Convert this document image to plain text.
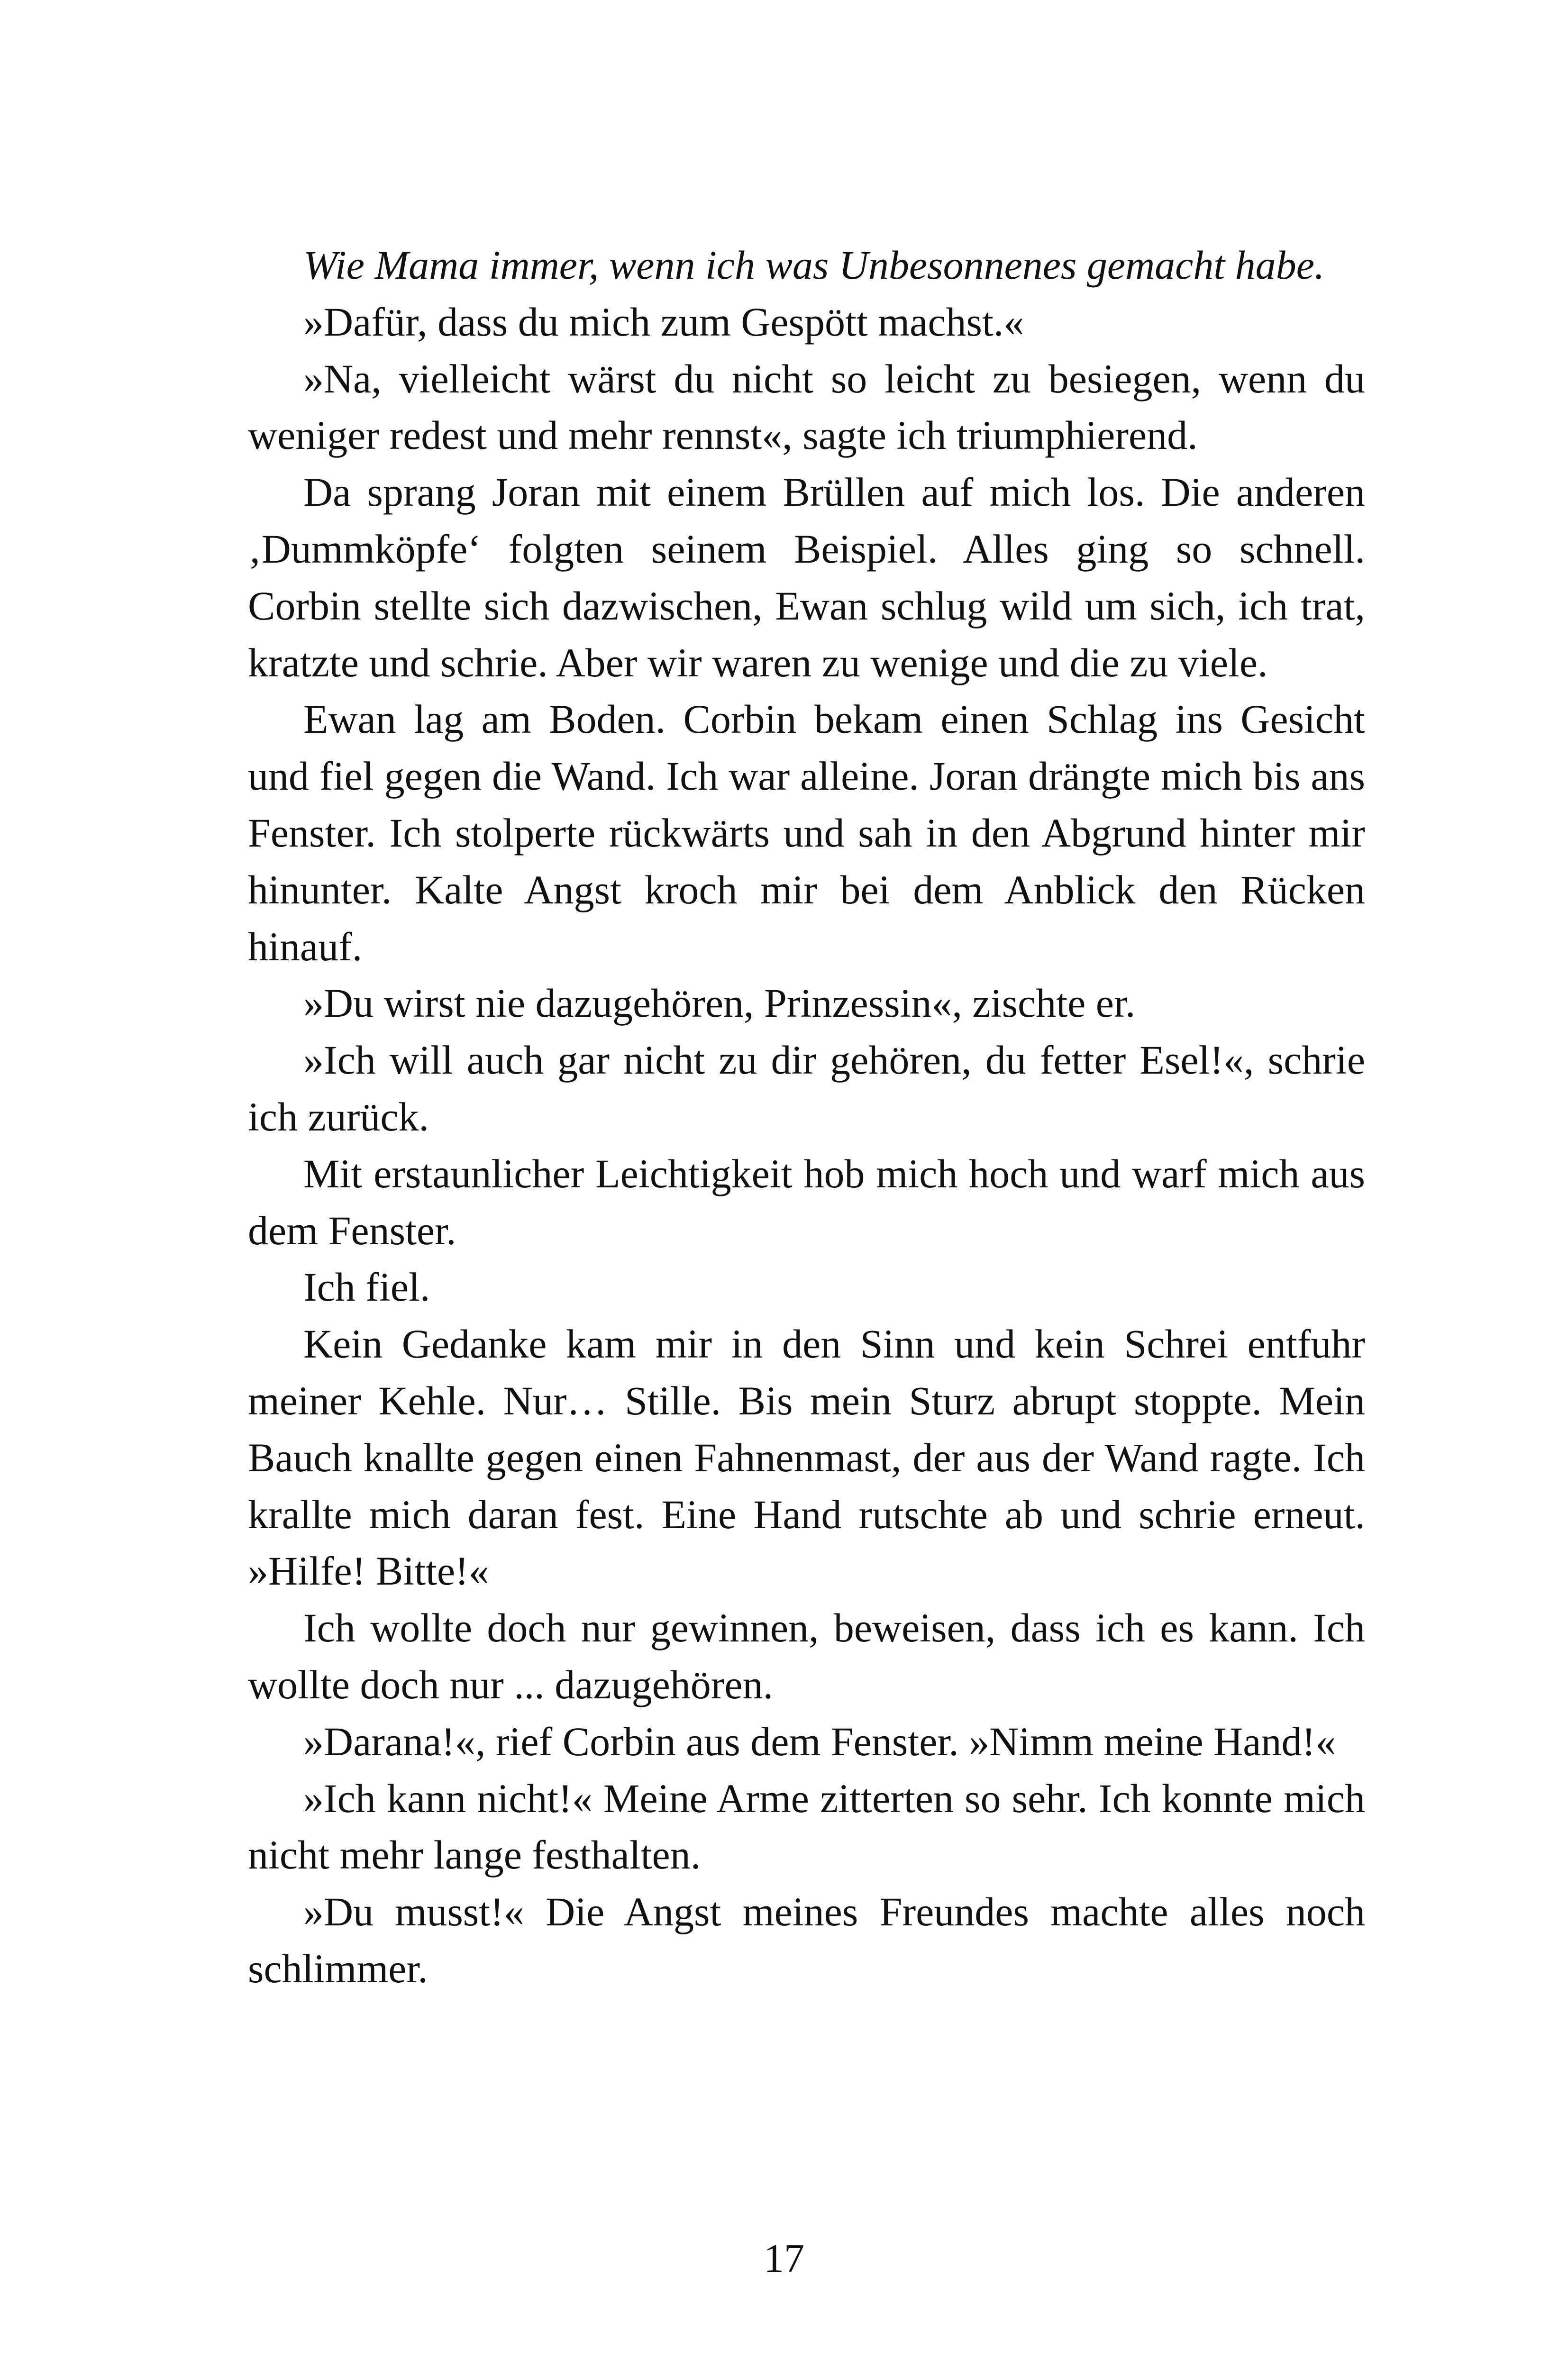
Wie Mama immer, wenn ich was Unbesonnenes gemacht habe.

»Dafür, dass du mich zum Gespött machst.«

»Na, vielleicht wärst du nicht so leicht zu besiegen, wenn du weniger redest und mehr rennst«, sagte ich triumphierend.

Da sprang Joran mit einem Brüllen auf mich los. Die anderen ‚Dummköpfe‘ folgten seinem Beispiel. Alles ging so schnell. Corbin stellte sich dazwischen, Ewan schlug wild um sich, ich trat, kratzte und schrie. Aber wir waren zu wenige und die zu viele.

Ewan lag am Boden. Corbin bekam einen Schlag ins Gesicht und fiel gegen die Wand. Ich war alleine. Joran drängte mich bis ans Fenster. Ich stolperte rückwärts und sah in den Abgrund hinter mir hinunter. Kalte Angst kroch mir bei dem Anblick den Rücken hinauf.

»Du wirst nie dazugehören, Prinzessin«, zischte er.

»Ich will auch gar nicht zu dir gehören, du fetter Esel!«, schrie ich zurück.

Mit erstaunlicher Leichtigkeit hob mich hoch und warf mich aus dem Fenster.

Ich fiel.

Kein Gedanke kam mir in den Sinn und kein Schrei entfuhr meiner Kehle. Nur… Stille. Bis mein Sturz abrupt stoppte. Mein Bauch knallte gegen einen Fahnenmast, der aus der Wand ragte. Ich krallte mich daran fest. Eine Hand rutschte ab und schrie erneut. »Hilfe! Bitte!«

Ich wollte doch nur gewinnen, beweisen, dass ich es kann. Ich wollte doch nur ... dazugehören.

»Darana!«, rief Corbin aus dem Fenster. »Nimm meine Hand!«

»Ich kann nicht!« Meine Arme zitterten so sehr. Ich konnte mich nicht mehr lange festhalten.

»Du musst!« Die Angst meines Freundes machte alles noch schlimmer.

17
